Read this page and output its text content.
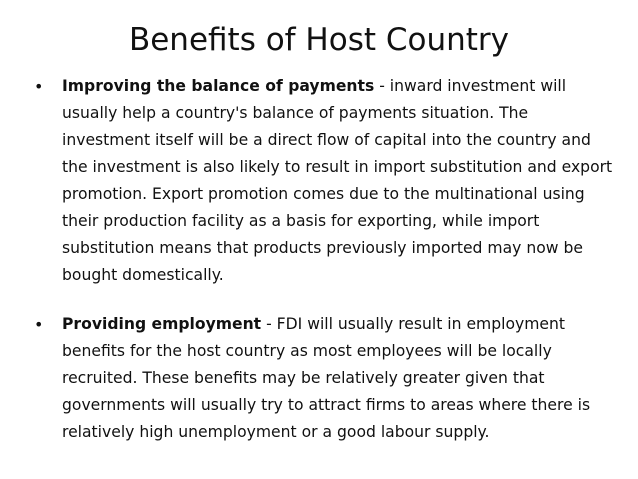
Benefits of Host Country
• Improving the balance of payments - inward investment will usually help a country's balance of payments situation. The investment itself will be a direct flow of capital into the country and the investment is also likely to result in import substitution and export promotion. Export promotion comes due to the multinational using their production facility as a basis for exporting, while import substitution means that products previously imported may now be bought domestically.
• Providing employment - FDI will usually result in employment benefits for the host country as most employees will be locally recruited. These benefits may be relatively greater given that governments will usually try to attract firms to areas where there is relatively high unemployment or a good labour supply.
